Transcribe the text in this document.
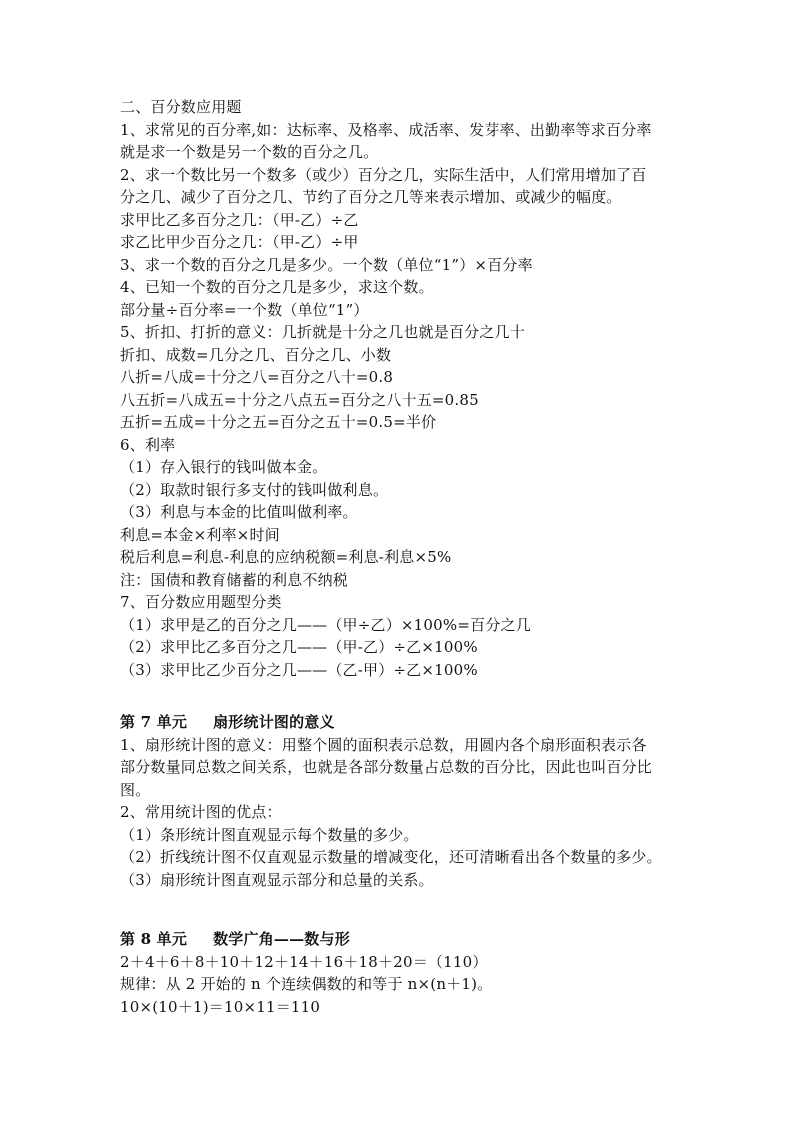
二、百分数应用题
1、求常见的百分率,如：达标率、及格率、成活率、发芽率、出勤率等求百分率
就是求一个数是另一个数的百分之几。
2、求一个数比另一个数多（或少）百分之几，实际生活中，人们常用增加了百
分之几、减少了百分之几、节约了百分之几等来表示增加、或减少的幅度。
求甲比乙多百分之几：（甲-乙）÷乙
求乙比甲少百分之几：（甲-乙）÷甲
3、求一个数的百分之几是多少。一个数（单位“1”）×百分率
4、已知一个数的百分之几是多少，求这个数。
部分量÷百分率=一个数（单位“1”）
5、折扣、打折的意义：几折就是十分之几也就是百分之几十
折扣、成数=几分之几、百分之几、小数
八折=八成=十分之八=百分之八十=0.8
八五折=八成五=十分之八点五=百分之八十五=0.85
五折=五成=十分之五=百分之五十=0.5=半价
6、利率
（1）存入银行的钱叫做本金。
（2）取款时银行多支付的钱叫做利息。
（3）利息与本金的比值叫做利率。
利息=本金×利率×时间
税后利息=利息-利息的应纳税额=利息-利息×5%
注：国债和教育储蓄的利息不纳税
7、百分数应用题型分类
（1）求甲是乙的百分之几——（甲÷乙）×100%=百分之几
（2）求甲比乙多百分之几——（甲-乙）÷乙×100%
（3）求甲比乙少百分之几——（乙-甲）÷乙×100%
第 7 单元 扇形统计图的意义
1、扇形统计图的意义：用整个圆的面积表示总数，用圆内各个扇形面积表示各
部分数量同总数之间关系，也就是各部分数量占总数的百分比，因此也叫百分比
图。
2、常用统计图的优点：
（1）条形统计图直观显示每个数量的多少。
（2）折线统计图不仅直观显示数量的增减变化，还可清晰看出各个数量的多少。
（3）扇形统计图直观显示部分和总量的关系。
第 8 单元 数学广角——数与形
2＋4＋6＋8＋10＋12＋14＋16＋18＋20＝（110）
规律：从 2 开始的 n 个连续偶数的和等于 n×(n＋1)。
10×(10＋1)＝10×11＝110
